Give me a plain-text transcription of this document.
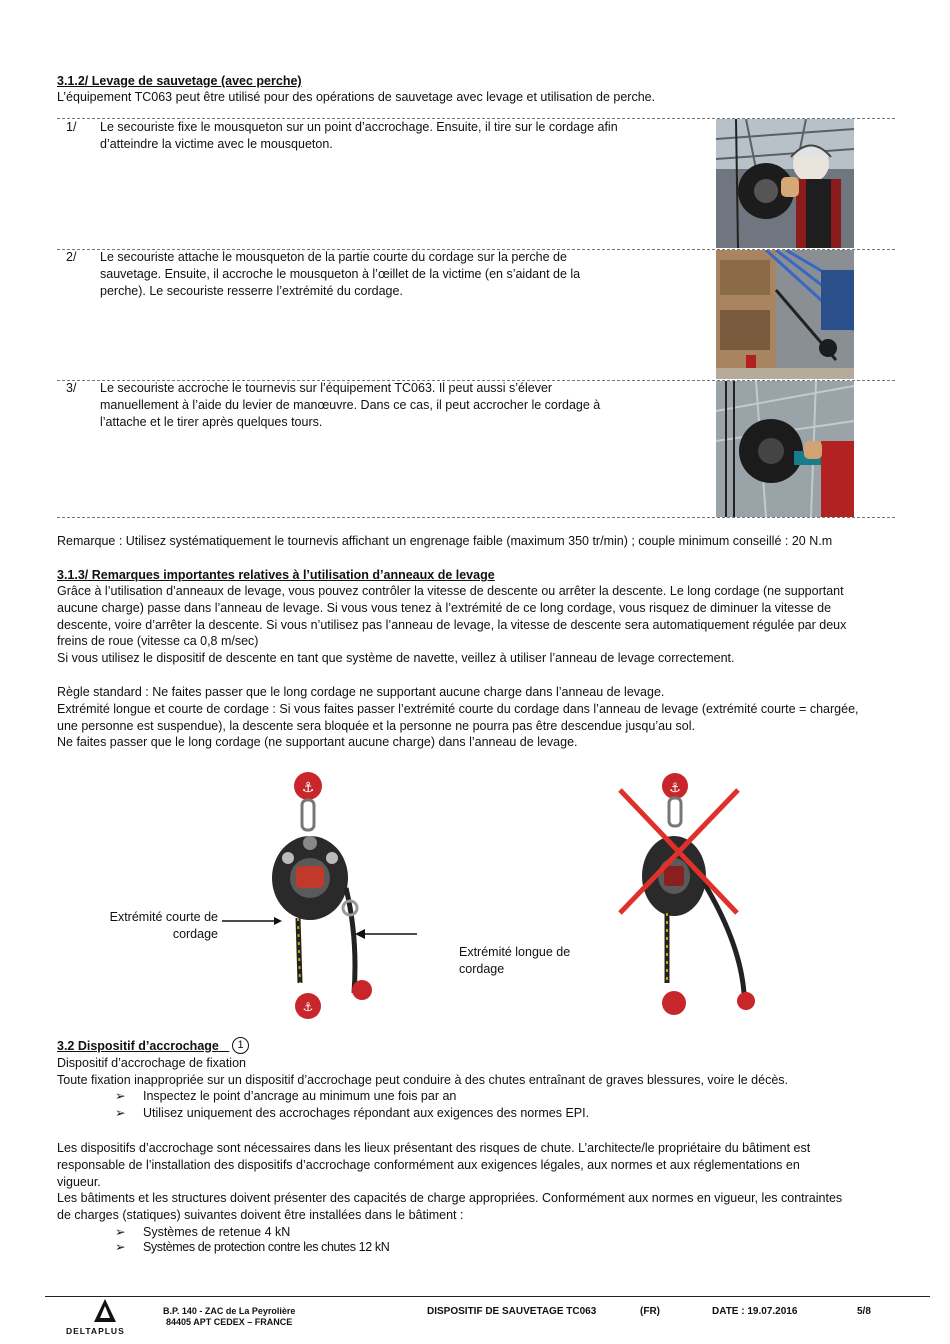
3.1.2/ Levage de sauvetage (avec perche)
L’équipement TC063 peut être utilisé pour des opérations de sauvetage avec levage et utilisation de perche.
1/ Le secouriste fixe le mousqueton sur un point d’accrochage. Ensuite, il tire sur le cordage afin
d’atteindre la victime avec le mousqueton.
2/ Le secouriste attache le mousqueton de la partie courte du cordage sur la perche de
sauvetage. Ensuite, il accroche le mousqueton à l’œillet de la victime (en s’aidant de la
perche). Le secouriste resserre l’extrémité du cordage.
3/ Le secouriste accroche le tournevis sur l’équipement TC063. Il peut aussi s’élever
manuellement à l’aide du levier de manœuvre. Dans ce cas, il peut accrocher le cordage à
l’attache et le tirer après quelques tours.
Remarque : Utilisez systématiquement le tournevis affichant un engrenage faible (maximum 350 tr/min) ; couple minimum conseillé : 20 N.m
3.1.3/ Remarques importantes relatives à l’utilisation d’anneaux de levage
Grâce à l’utilisation d’anneaux de levage, vous pouvez contrôler la vitesse de descente ou arrêter la descente. Le long cordage (ne supportant
aucune charge) passe dans l’anneau de levage. Si vous vous tenez à l’extrémité de ce long cordage, vous risquez de diminuer la vitesse de
descente, voire d’arrêter la descente. Si vous n’utilisez pas l’anneau de levage, la vitesse de descente sera automatiquement régulée par deux
freins de roue (vitesse ca 0,8 m/sec)
Si vous utilisez le dispositif de descente en tant que système de navette, veillez à utiliser l’anneau de levage correctement.
Règle standard : Ne faites passer que le long cordage ne supportant aucune charge dans l’anneau de levage.
Extrémité longue et courte de cordage : Si vous faites passer l’extrémité courte du cordage dans l’anneau de levage (extrémité courte = chargée,
une personne est suspendue), la descente sera bloquée et la personne ne pourra pas être descendue jusqu’au sol.
Ne faites passer que le long cordage (ne supportant aucune charge) dans l’anneau de levage.
⚓
⚓
Extrémité courte de
cordage
Extrémité longue de
cordage
⚓
3.2 Dispositif d’accrochage	1
Dispositif d’accrochage de fixation
Toute fixation inappropriée sur un dispositif d’accrochage peut conduire à des chutes entraînant de graves blessures, voire le décès.
➢ Inspectez le point d’ancrage au minimum une fois par an
➢ Utilisez uniquement des accrochages répondant aux exigences des normes EPI.
Les dispositifs d’accrochage sont nécessaires dans les lieux présentant des risques de chute. L’architecte/le propriétaire du bâtiment est
responsable de l’installation des dispositifs d’accrochage conformément aux exigences légales, aux normes et aux réglementations en
vigueur.
Les bâtiments et les structures doivent présenter des capacités de charge appropriées. Conformément aux normes en vigueur, les contraintes
de charges (statiques) suivantes doivent être installées dans le bâtiment :
➢ Systèmes de retenue 4 kN
➢ Systèmes de protection contre les chutes 12 kN
DELTAPLUS
B.P. 140 - ZAC de La Peyrolière
84405 APT CEDEX – FRANCE
DISPOSITIF DE SAUVETAGE TC063	(FR)	DATE : 19.07.2016	5/8
